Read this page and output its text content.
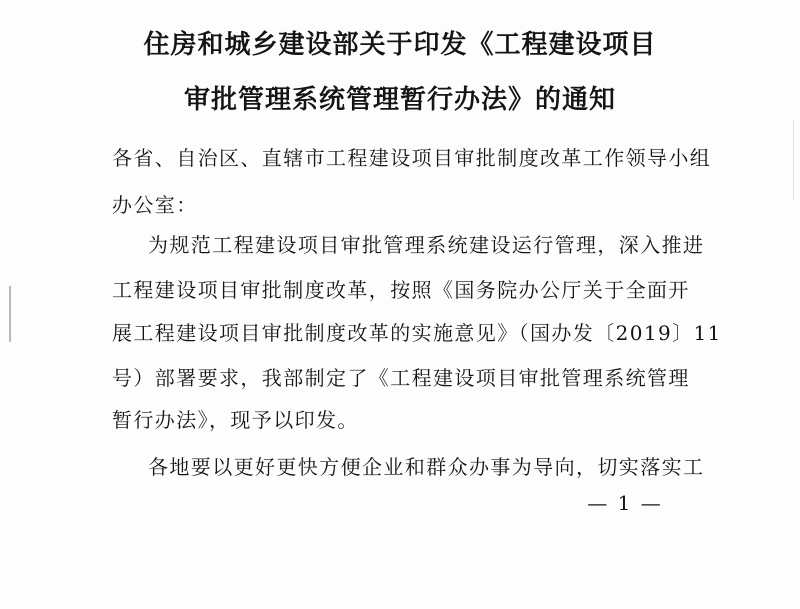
住房和城乡建设部关于印发《工程建设项目
审批管理系统管理暂行办法》的通知
各省、自治区、直辖市工程建设项目审批制度改革工作领导小组
办公室：
为规范工程建设项目审批管理系统建设运行管理，深入推进
工程建设项目审批制度改革，按照《国务院办公厅关于全面开
展工程建设项目审批制度改革的实施意见》（国办发〔2019〕11
号）部署要求，我部制定了《工程建设项目审批管理系统管理
暂行办法》，现予以印发。
各地要以更好更快方便企业和群众办事为导向，切实落实工
— 1 —
